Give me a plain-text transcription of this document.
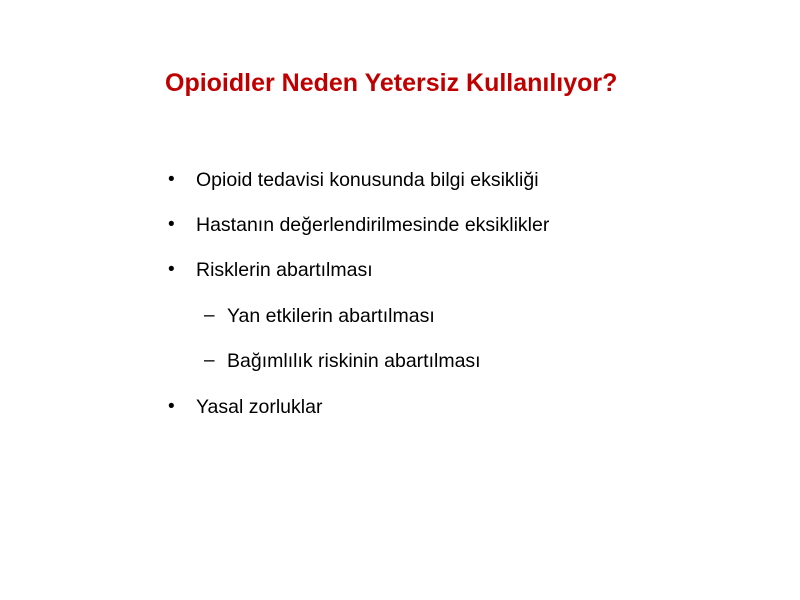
Opioidler Neden Yetersiz Kullanılıyor?
• Opioid tedavisi konusunda bilgi eksikliği
• Hastanın değerlendirilmesinde eksiklikler
• Risklerin abartılması
– Yan etkilerin abartılması
– Bağımlılık riskinin abartılması
• Yasal zorluklar
